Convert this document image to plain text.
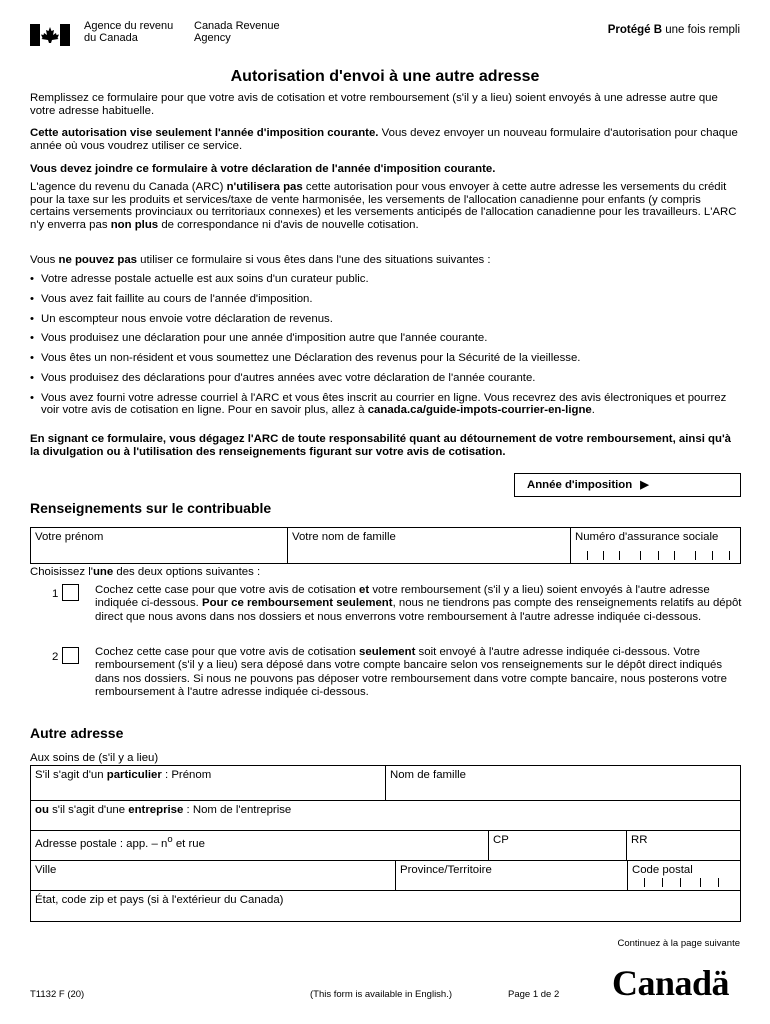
Agence du revenu
du Canada
Canada Revenue
Agency
Protégé B une fois rempli
Autorisation d'envoi à une autre adresse
Remplissez ce formulaire pour que votre avis de cotisation et votre remboursement (s'il y a lieu) soient envoyés à une adresse autre que votre adresse habituelle.
Cette autorisation vise seulement l'année d'imposition courante. Vous devez envoyer un nouveau formulaire d'autorisation pour chaque année où vous voudrez utiliser ce service.
Vous devez joindre ce formulaire à votre déclaration de l'année d'imposition courante.
L'agence du revenu du Canada (ARC) n'utilisera pas cette autorisation pour vous envoyer à cette autre adresse les versements du crédit pour la taxe sur les produits et services/taxe de vente harmonisée, les versements de l'allocation canadienne pour enfants (y compris certains versements provinciaux ou territoriaux connexes) et les versements anticipés de l'allocation canadienne pour les travailleurs. L'ARC n'y enverra pas non plus de correspondance ni d'avis de nouvelle cotisation.
Vous ne pouvez pas utiliser ce formulaire si vous êtes dans l'une des situations suivantes :
• Votre adresse postale actuelle est aux soins d'un curateur public.
• Vous avez fait faillite au cours de l'année d'imposition.
• Un escompteur nous envoie votre déclaration de revenus.
• Vous produisez une déclaration pour une année d'imposition autre que l'année courante.
• Vous êtes un non-résident et vous soumettez une Déclaration des revenus pour la Sécurité de la vieillesse.
• Vous produisez des déclarations pour d'autres années avec votre déclaration de l'année courante.
• Vous avez fourni votre adresse courriel à l'ARC et vous êtes inscrit au courrier en ligne. Vous recevrez des avis électroniques et pourrez voir votre avis de cotisation en ligne. Pour en savoir plus, allez à canada.ca/guide-impots-courrier-en-ligne.
En signant ce formulaire, vous dégagez l'ARC de toute responsabilité quant au détournement de votre remboursement, ainsi qu'à la divulgation ou à l'utilisation des renseignements figurant sur votre avis de cotisation.
Année d'imposition ▶
Renseignements sur le contribuable
Votre prénom	Votre nom de famille	Numéro d'assurance sociale
Choisissez l'une des deux options suivantes :
1	Cochez cette case pour que votre avis de cotisation et votre remboursement (s'il y a lieu) soient envoyés à l'autre adresse indiquée ci-dessous. Pour ce remboursement seulement, nous ne tiendrons pas compte des renseignements relatifs au dépôt direct que nous avons dans nos dossiers et nous enverrons votre remboursement à l'autre adresse indiquée ci-dessous.
2	Cochez cette case pour que votre avis de cotisation seulement soit envoyé à l'autre adresse indiquée ci-dessous. Votre remboursement (s'il y a lieu) sera déposé dans votre compte bancaire selon vos renseignements sur le dépôt direct indiqués dans nos dossiers. Si nous ne pouvons pas déposer votre remboursement dans votre compte bancaire, nous posterons votre remboursement à l'autre adresse indiquée ci-dessous.
Autre adresse
Aux soins de (s'il y a lieu)
S'il s'agit d'un particulier : Prénom	Nom de famille
ou s'il s'agit d'une entreprise : Nom de l'entreprise
Adresse postale : app. – $n^o$ et rue	CP	RR
Ville	Province/Territoire	Code postal
État, code zip et pays (si à l'extérieur du Canada)
Continuez à la page suivante
T1132 F (20)	(This form is available in English.)	Page 1 de 2 Canadä
